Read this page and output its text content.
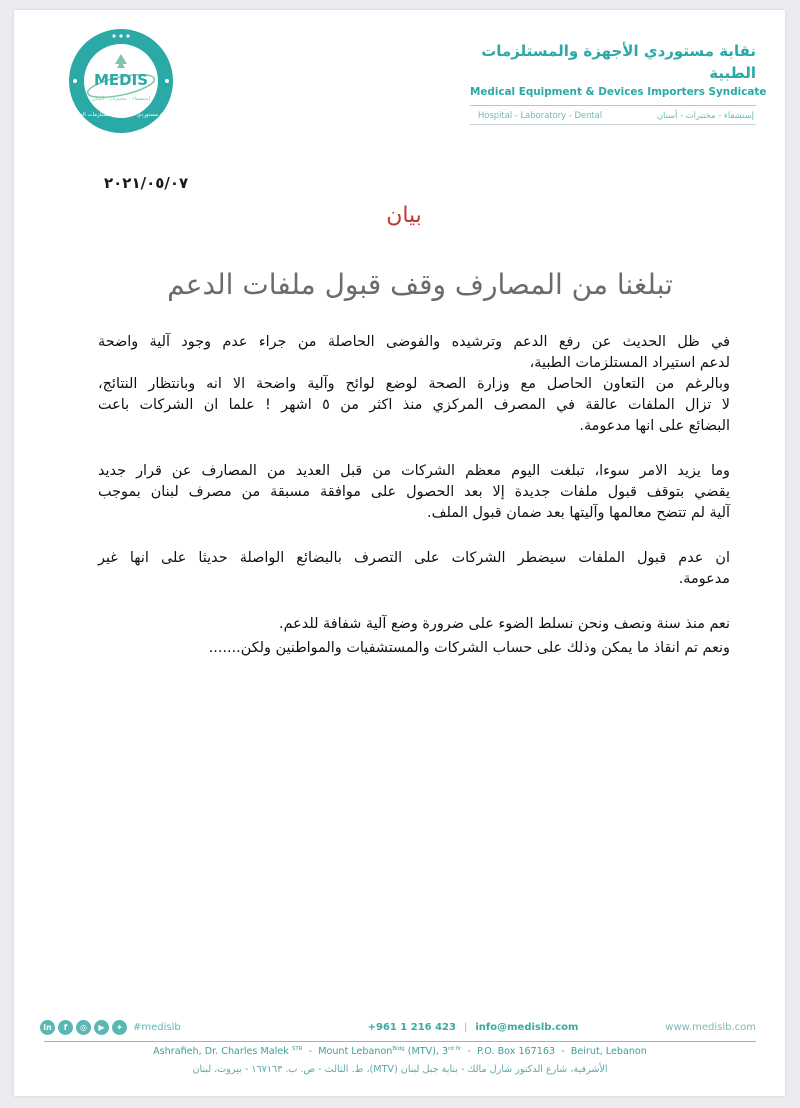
MEDIS
إستشفاء - مختبرات - أسنان
نقابة مستوردي الأجهزة والمستلزمات الطبية
نقابة مستوردي الأجهزة والمستلزمات الطبية
Medical Equipment & Devices Importers Syndicate
Hospital - Laboratory - Dental	إستشفاء - مختبرات - أسنان
٢٠٢١/٠٥/٠٧
بيان
تبلغنا من المصارف وقف قبول ملفات الدعم

في ظل الحديث عن رفع الدعم وترشيده والفوضى الحاصلة من جراء عدم وجود آلية واضحة
لدعم استيراد المستلزمات الطبية،
وبالرغم من التعاون الحاصل مع وزارة الصحة لوضع لوائح وآلية واضحة الا انه وبانتظار النتائج،
لا تزال الملفات عالقة في المصرف المركزي منذ اكثر من ٥ اشهر ! علما ان الشركات باعت
البضائع على انها مدعومة.

وما يزيد الامر سوءا، تبلغت اليوم معظم الشركات من قبل العديد من المصارف عن قرار جديد
يقضي بتوقف قبول ملفات جديدة إلا بعد الحصول على موافقة مسبقة من مصرف لبنان بموجب
آلية لم تتضح معالمها وآليتها بعد ضمان قبول الملف.

ان عدم قبول الملفات سيضطر الشركات على التصرف بالبضائع الواصلة حديثا على انها غير
مدعومة.

نعم منذ سنة ونصف ونحن نسلط الضوء على ضرورة وضع آلية شفافة للدعم.
ونعم تم انقاذ ما يمكن وذلك على حساب الشركات والمستشفيات والمواطنين ولكن.......

in	f	◎	▶	✦	#medislb	+961 1 216 423 | info@medislb.com	www.medislb.com
Ashrafieh, Dr. Charles Malek $^{STR}$ - Mount Lebanon$^{Bldg}$ (MTV), $3^{rd flr} - P.O$. Box 167163 - Beirut, Lebanon
الأشرفية، شارع الدكتور شارل مالك - بناية جبل لبنان (MTV)، ط. الثالث - ص. ب. ١٦٧١٦٣ - بيروت، لبنان
